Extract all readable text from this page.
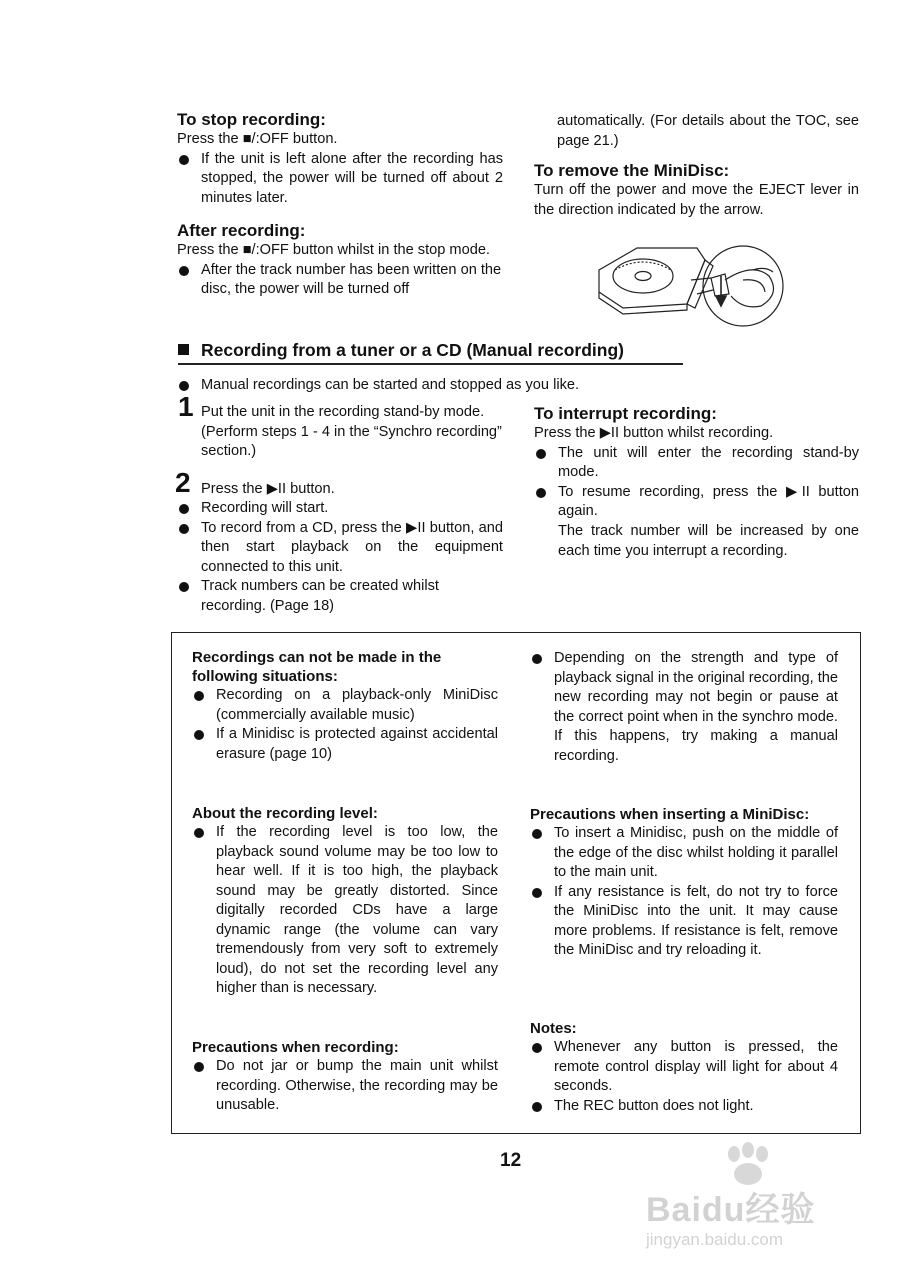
To stop recording:
Press the ■/:OFF button.
If the unit is left alone after the recording has stopped, the power will be turned off about 2 minutes later.
After recording:
Press the ■/:OFF button whilst in the stop mode.
After the track number has been written on the disc, the power will be turned off
automatically. (For details about the TOC, see page 21.)
To remove the MiniDisc:
Turn off the power and move the EJECT lever in the direction indicated by the arrow.
Recording from a tuner or a CD (Manual recording)
Manual recordings can be started and stopped as you like.
1 Put the unit in the recording stand-by mode. (Perform steps 1 - 4 in the “Synchro recording” section.)
2 Press the ▶II button.
Recording will start.
To record from a CD, press the ▶II button, and then start playback on the equipment connected to this unit.
Track numbers can be created whilst recording. (Page 18)
To interrupt recording:
Press the ▶II button whilst recording.
The unit will enter the recording stand-by mode.
To resume recording, press the ▶II button again.
The track number will be increased by one each time you interrupt a recording.
Recordings can not be made in the following situations:
Recording on a playback-only MiniDisc (commercially available music)
If a Minidisc is protected against accidental erasure (page 10)
About the recording level:
If the recording level is too low, the playback sound volume may be too low to hear well. If it is too high, the playback sound may be greatly distorted. Since digitally recorded CDs have a large dynamic range (the volume can vary tremendously from very soft to extremely loud), do not set the recording level any higher than is necessary.
Precautions when recording:
Do not jar or bump the main unit whilst recording. Otherwise, the recording may be unusable.
Depending on the strength and type of playback signal in the original recording, the new recording may not begin or pause at the correct point when in the synchro mode. If this happens, try making a manual recording.
Precautions when inserting a MiniDisc:
To insert a Minidisc, push on the middle of the edge of the disc whilst holding it parallel to the main unit.
If any resistance is felt, do not try to force the MiniDisc into the unit. It may cause more problems. If resistance is felt, remove the MiniDisc and try reloading it.
Notes:
Whenever any button is pressed, the remote control display will light for about 4 seconds.
The REC button does not light.
12
Baidu经验
jingyan.baidu.com
